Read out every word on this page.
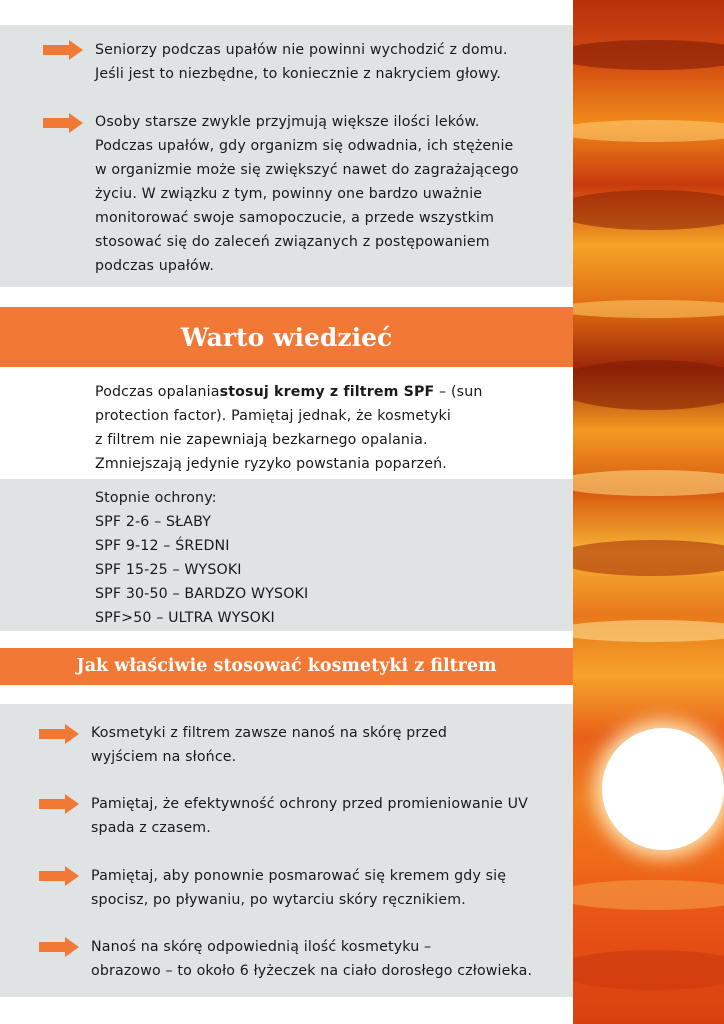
Seniorzy podczas upałów nie powinni wychodzić z domu.
Jeśli jest to niezbędne, to koniecznie z nakryciem głowy.

Osoby starsze zwykle przyjmują większe ilości leków.
Podczas upałów, gdy organizm się odwadnia, ich stężenie
w organizmie może się zwiększyć nawet do zagrażającego
życiu. W związku z tym, powinny one bardzo uważnie
monitorować swoje samopoczucie, a przede wszystkim
stosować się do zaleceń związanych z postępowaniem
podczas upałów.

Warto wiedzieć

Podczas opalaniastosuj kremy z filtrem SPF – (sun
protection factor). Pamiętaj jednak, że kosmetyki
z filtrem nie zapewniają bezkarnego opalania.
Zmniejszają jedynie ryzyko powstania poparzeń.

Stopnie ochrony:
SPF 2-6 – SŁABY
SPF 9-12 – ŚREDNI
SPF 15-25 – WYSOKI
SPF 30-50 – BARDZO WYSOKI
SPF>50 – ULTRA WYSOKI

Jak właściwie stosować kosmetyki z filtrem

Kosmetyki z filtrem zawsze nanoś na skórę przed
wyjściem na słońce.

Pamiętaj, że efektywność ochrony przed promieniowanie UV
spada z czasem.

Pamiętaj, aby ponownie posmarować się kremem gdy się
spocisz, po pływaniu, po wytarciu skóry ręcznikiem.

Nanoś na skórę odpowiednią ilość kosmetyku –
obrazowo – to około 6 łyżeczek na ciało dorosłego człowieka.
